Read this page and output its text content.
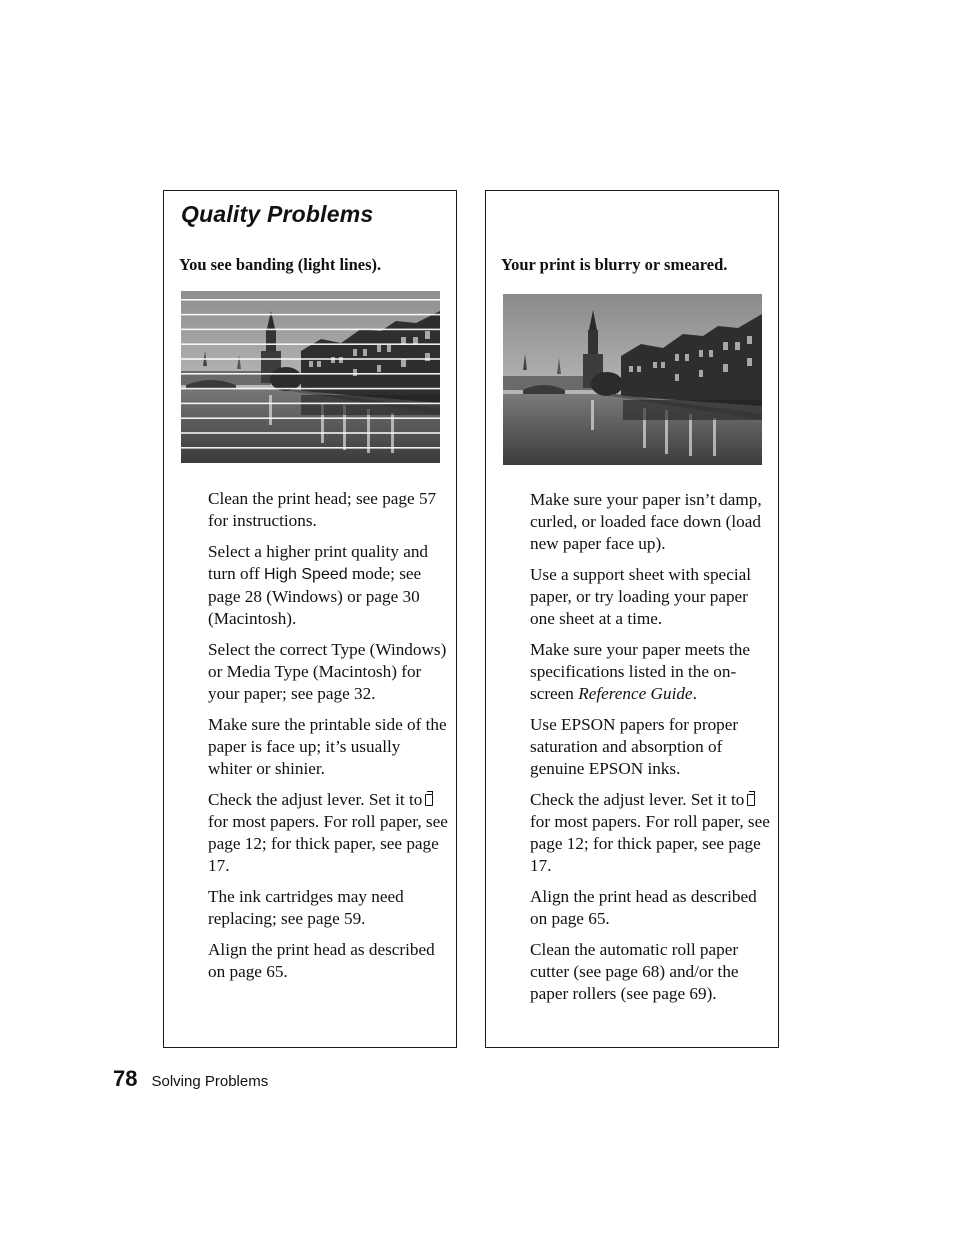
Quality Problems
You see banding (light lines).
Clean the print head; see page 57 for instructions.
Select a higher print quality and turn off High Speed mode; see page 28 (Windows) or page 30 (Macintosh).
Select the correct Type (Windows) or Media Type (Macintosh) for your paper; see page 32.
Make sure the printable side of the paper is face up; it’s usually whiter or shinier.
Check the adjust lever. Set it tofor most papers. For roll paper, see page 12; for thick paper, see page 17.
The ink cartridges may need replacing; see page 59.
Align the print head as described on page 65.
Your print is blurry or smeared.
Make sure your paper isn’t damp, curled, or loaded face down (load new paper face up).
Use a support sheet with special paper, or try loading your paper one sheet at a time.
Make sure your paper meets the specifications listed in the on-screen Reference Guide.
Use EPSON papers for proper saturation and absorption of genuine EPSON inks.
Check the adjust lever. Set it tofor most papers. For roll paper, see page 12; for thick paper, see page 17.
Align the print head as described on page 65.
Clean the automatic roll paper cutter (see page 68) and/or the paper rollers (see page 69).
78 Solving Problems
